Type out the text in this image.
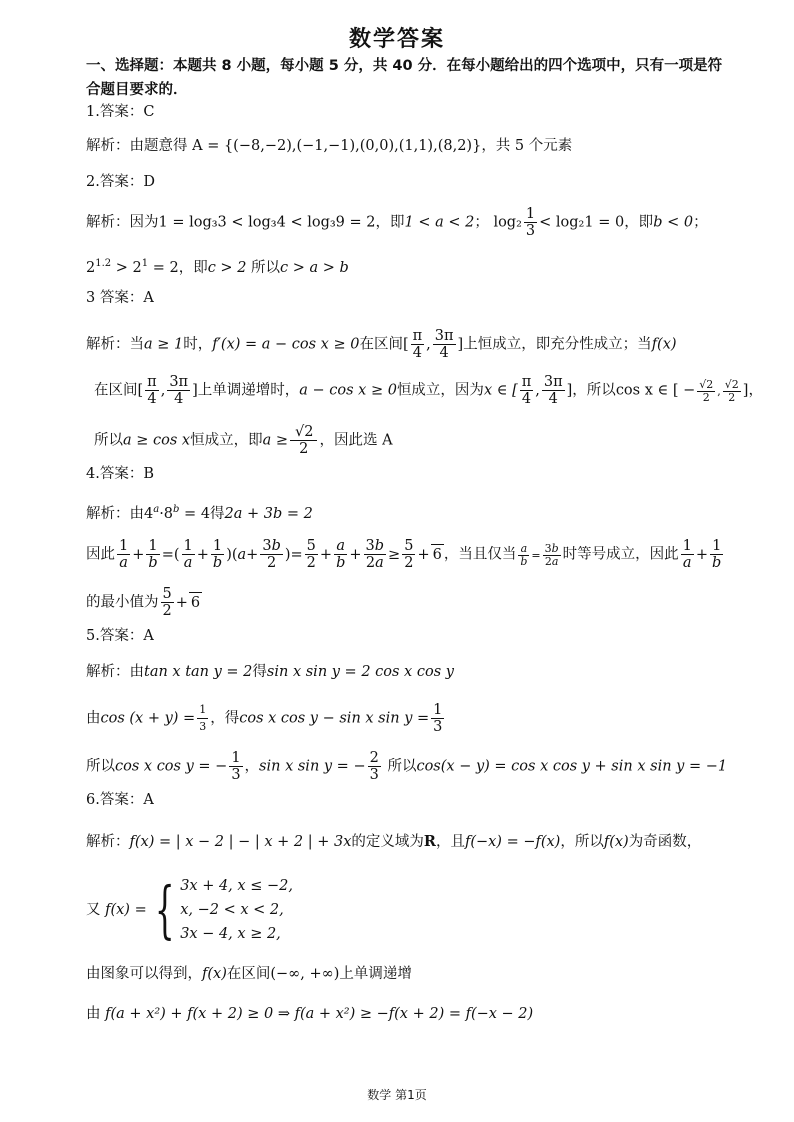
数学答案
一、选择题：本题共 8 小题，每小题 5 分，共 40 分．在每小题给出的四个选项中，只有一项是符合题目要求的．
1.答案：C
解析：由题意得 A = {(−8,−2),(−1,−1),(0,0),(1,1),(8,2)}，共 5 个元素
2.答案：D
解析：因为1 = log₃3 < log₃4 < log₃9 = 2，即1 < a < 2； $\log_2 \frac{1}{3} < \log_21 = 0$，即b < 0；
$2^{1.2} > 2^1 = 2$，即c > 2 所以c > a > b
3 答案：A
解析：当a ≥ 1时，f′(x) = a − cos x ≥ 0在区间[ $\frac{\pi}{4}$ , $\frac{3\pi}{4}$ ]上恒成立，即充分性成立；当f(x)
在区间[ $\frac{\pi}{4}$ , $\frac{3\pi}{4}$ ]上单调递增时，a − cos x ≥ 0恒成立，因为x ∈ [ $\frac{\pi}{4}$ , $\frac{3\pi}{4}$ ]，所以cos x ∈ [ − $\frac{√2}{2}$ , $\frac{√2}{2}$ ]，
所以a ≥ cos x恒成立，即$a \ge \frac{√2}{2}$ ，因此选 A
4.答案：B
解析：由$4^a\cdot 8^b = 4$得2a + 3b = 2
因此 $\frac{1}{a} + \frac{1}{b}$ =( $\frac{1}{a} + \frac{1}{b} )(a+ \frac{3b}{2}$ )= $\frac{5}{2} + \frac{a}{b} + \frac{3b}{2a} \ge \frac{5}{2} + 6$ ，当且仅当 $\frac{a}{b} = \frac{3b}{2a}$ 时等号成立，因此 $\frac{1}{a} + \frac{1}{b}$
的最小值为 $\frac{5}{2} + 6$
5.答案：A
解析：由tan x tan y = 2得sin x sin y = 2 cos x cos y
由$\cos (x + y) = \frac{1}{3}$ ，得cos x cos y − sin x $\sin y = \frac{1}{3}$
所以cos x cos y = − $\frac{1}{3}$ ，sin x sin y = − $\frac{2}{3}$ 所以cos(x − y) = cos x cos y + sin x sin y = −1
6.答案：A
解析：f(x) = | x − 2 | − | x + 2 | + 3x的定义域为R，且f(−x) = −f(x)，所以f(x)为奇函数，
又 f(x) = { 3x + 4, x ≤ −2,
x, −2 < x < 2,
3x − 4, x ≥ 2,
由图象可以得到，f(x)在区间(−∞, +∞)上单调递增
由 f(a + x²) + f(x + 2) ≥ 0 ⇒ f(a + x²) ≥ −f(x + 2) = f(−x − 2)
数学 第1页
